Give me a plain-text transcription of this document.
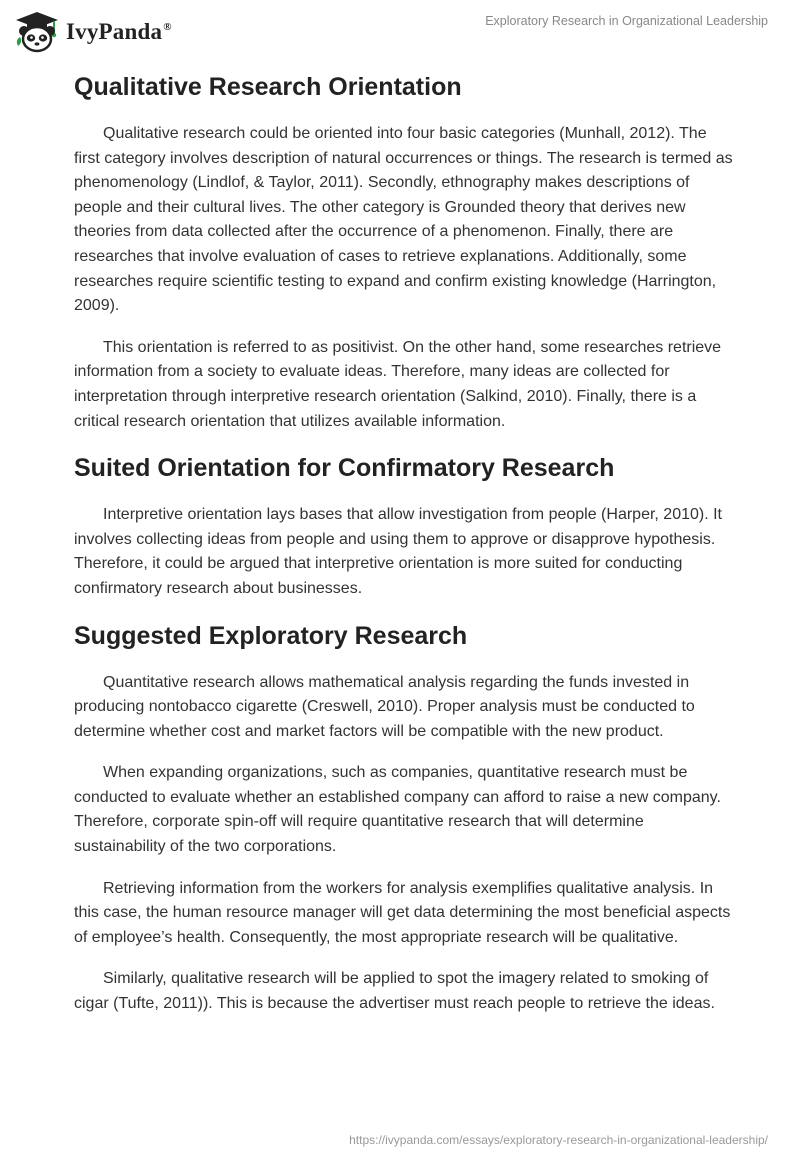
IvyPanda®	Exploratory Research in Organizational Leadership
Qualitative Research Orientation

Qualitative research could be oriented into four basic categories (Munhall, 2012). The first category involves description of natural occurrences or things. The research is termed as phenomenology (Lindlof, & Taylor, 2011). Secondly, ethnography makes descriptions of people and their cultural lives. The other category is Grounded theory that derives new theories from data collected after the occurrence of a phenomenon. Finally, there are researches that involve evaluation of cases to retrieve explanations. Additionally, some researches require scientific testing to expand and confirm existing knowledge (Harrington, 2009).

This orientation is referred to as positivist. On the other hand, some researches retrieve information from a society to evaluate ideas. Therefore, many ideas are collected for interpretation through interpretive research orientation (Salkind, 2010). Finally, there is a critical research orientation that utilizes available information.

Suited Orientation for Confirmatory Research

Interpretive orientation lays bases that allow investigation from people (Harper, 2010). It involves collecting ideas from people and using them to approve or disapprove hypothesis. Therefore, it could be argued that interpretive orientation is more suited for conducting confirmatory research about businesses.

Suggested Exploratory Research

Quantitative research allows mathematical analysis regarding the funds invested in producing nontobacco cigarette (Creswell, 2010). Proper analysis must be conducted to determine whether cost and market factors will be compatible with the new product.

When expanding organizations, such as companies, quantitative research must be conducted to evaluate whether an established company can afford to raise a new company. Therefore, corporate spin-off will require quantitative research that will determine sustainability of the two corporations.

Retrieving information from the workers for analysis exemplifies qualitative analysis. In this case, the human resource manager will get data determining the most beneficial aspects of employee’s health. Consequently, the most appropriate research will be qualitative.

Similarly, qualitative research will be applied to spot the imagery related to smoking of cigar (Tufte, 2011)). This is because the advertiser must reach people to retrieve the ideas.

https://ivypanda.com/essays/exploratory-research-in-organizational-leadership/
